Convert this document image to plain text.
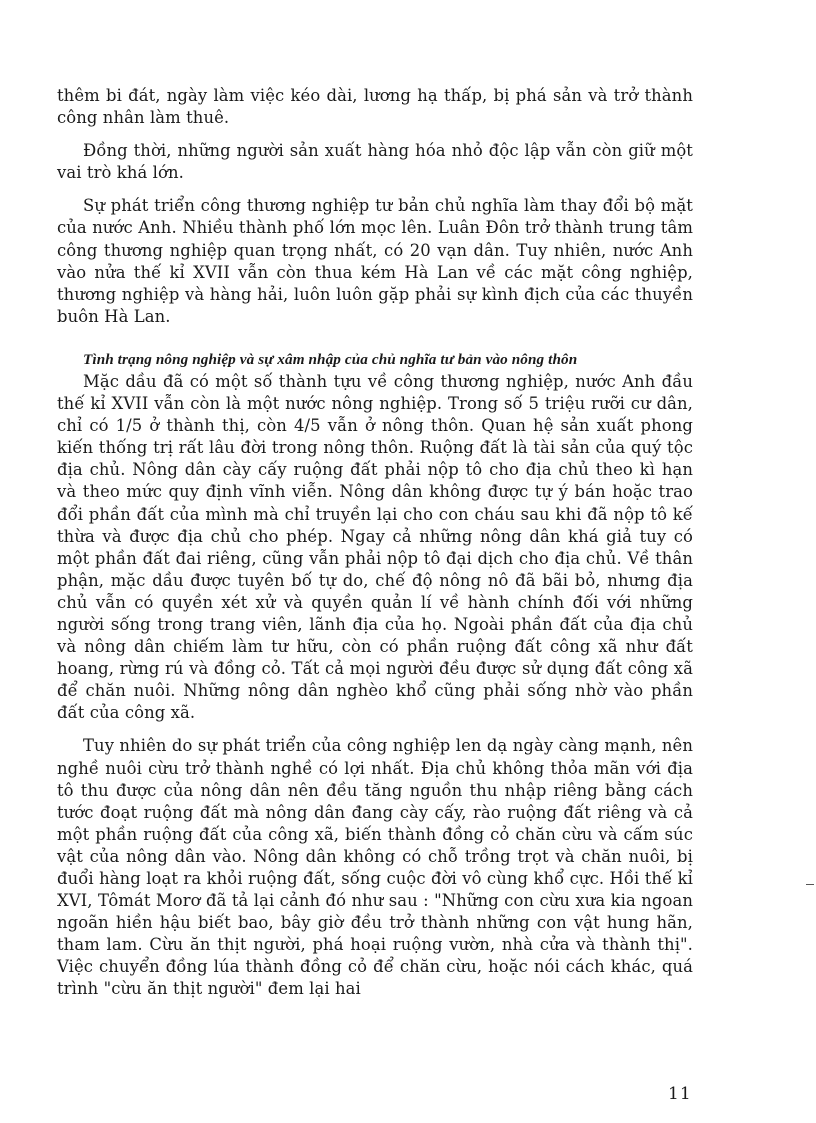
thêm bi đát, ngày làm việc kéo dài, lương hạ thấp, bị phá sản và trở thành công nhân làm thuê.

Đồng thời, những người sản xuất hàng hóa nhỏ độc lập vẫn còn giữ một vai trò khá lớn.

Sự phát triển công thương nghiệp tư bản chủ nghĩa làm thay đổi bộ mặt của nước Anh. Nhiều thành phố lớn mọc lên. Luân Đôn trở thành trung tâm công thương nghiệp quan trọng nhất, có 20 vạn dân. Tuy nhiên, nước Anh vào nửa thế kỉ XVII vẫn còn thua kém Hà Lan về các mặt công nghiệp, thương nghiệp và hàng hải, luôn luôn gặp phải sự kình địch của các thuyền buôn Hà Lan.

Tình trạng nông nghiệp và sự xâm nhập của chủ nghĩa tư bản vào nông thôn

Mặc dầu đã có một số thành tựu về công thương nghiệp, nước Anh đầu thế kỉ XVII vẫn còn là một nước nông nghiệp. Trong số 5 triệu rưỡi cư dân, chỉ có 1/5 ở thành thị, còn 4/5 vẫn ở nông thôn. Quan hệ sản xuất phong kiến thống trị rất lâu đời trong nông thôn. Ruộng đất là tài sản của quý tộc địa chủ. Nông dân cày cấy ruộng đất phải nộp tô cho địa chủ theo kì hạn và theo mức quy định vĩnh viễn. Nông dân không được tự ý bán hoặc trao đổi phần đất của mình mà chỉ truyền lại cho con cháu sau khi đã nộp tô kế thừa và được địa chủ cho phép. Ngay cả những nông dân khá giả tuy có một phần đất đai riêng, cũng vẫn phải nộp tô đại dịch cho địa chủ. Về thân phận, mặc dầu được tuyên bố tự do, chế độ nông nô đã bãi bỏ, nhưng địa chủ vẫn có quyền xét xử và quyền quản lí về hành chính đối với những người sống trong trang viên, lãnh địa của họ. Ngoài phần đất của địa chủ và nông dân chiếm làm tư hữu, còn có phần ruộng đất công xã như đất hoang, rừng rú và đồng cỏ. Tất cả mọi người đều được sử dụng đất công xã để chăn nuôi. Những nông dân nghèo khổ cũng phải sống nhờ vào phần đất của công xã.

Tuy nhiên do sự phát triển của công nghiệp len dạ ngày càng mạnh, nên nghề nuôi cừu trở thành nghề có lợi nhất. Địa chủ không thỏa mãn với địa tô thu được của nông dân nên đều tăng nguồn thu nhập riêng bằng cách tước đoạt ruộng đất mà nông dân đang cày cấy, rào ruộng đất riêng và cả một phần ruộng đất của công xã, biến thành đồng cỏ chăn cừu và cấm súc vật của nông dân vào. Nông dân không có chỗ trồng trọt và chăn nuôi, bị đuổi hàng loạt ra khỏi ruộng đất, sống cuộc đời vô cùng khổ cực. Hồi thế kỉ XVI, Tômát Morơ đã tả lại cảnh đó như sau : "Những con cừu xưa kia ngoan ngoãn hiền hậu biết bao, bây giờ đều trở thành những con vật hung hãn, tham lam. Cừu ăn thịt người, phá hoại ruộng vườn, nhà cửa và thành thị". Việc chuyển đồng lúa thành đồng cỏ để chăn cừu, hoặc nói cách khác, quá trình "cừu ăn thịt người" đem lại hai

11
